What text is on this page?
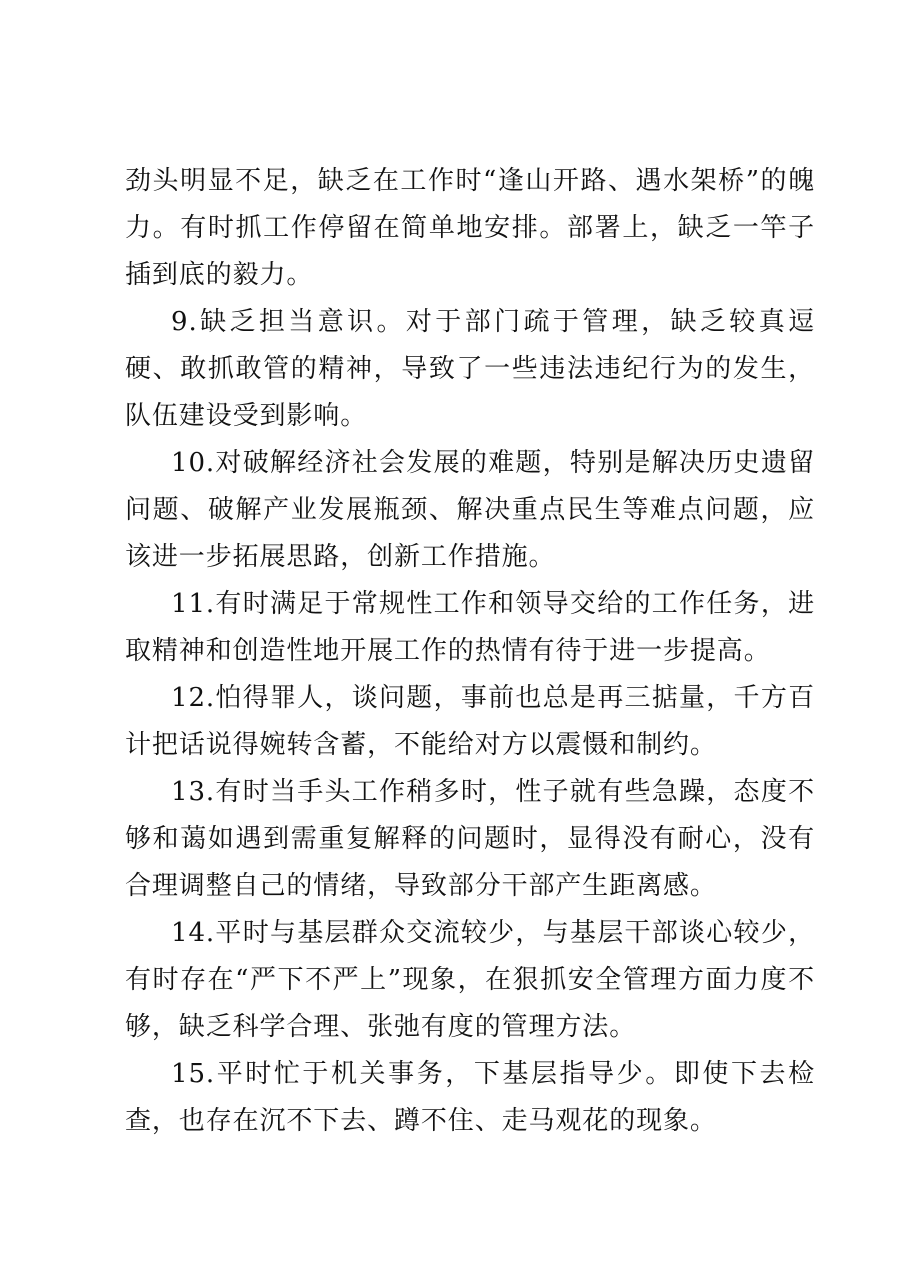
劲头明显不足，缺乏在工作时“逢山开路、遇水架桥”的魄力。有时抓工作停留在简单地安排。部署上，缺乏一竿子插到底的毅力。

9.缺乏担当意识。对于部门疏于管理，缺乏较真逗硬、敢抓敢管的精神，导致了一些违法违纪行为的发生，队伍建设受到影响。

10.对破解经济社会发展的难题，特别是解决历史遗留问题、破解产业发展瓶颈、解决重点民生等难点问题，应该进一步拓展思路，创新工作措施。

11.有时满足于常规性工作和领导交给的工作任务，进取精神和创造性地开展工作的热情有待于进一步提高。

12.怕得罪人，谈问题，事前也总是再三掂量，千方百计把话说得婉转含蓄，不能给对方以震慑和制约。

13.有时当手头工作稍多时，性子就有些急躁，态度不够和蔼如遇到需重复解释的问题时，显得没有耐心，没有合理调整自己的情绪，导致部分干部产生距离感。

14.平时与基层群众交流较少，与基层干部谈心较少，有时存在“严下不严上”现象，在狠抓安全管理方面力度不够，缺乏科学合理、张弛有度的管理方法。

15.平时忙于机关事务，下基层指导少。即使下去检查，也存在沉不下去、蹲不住、走马观花的现象。
